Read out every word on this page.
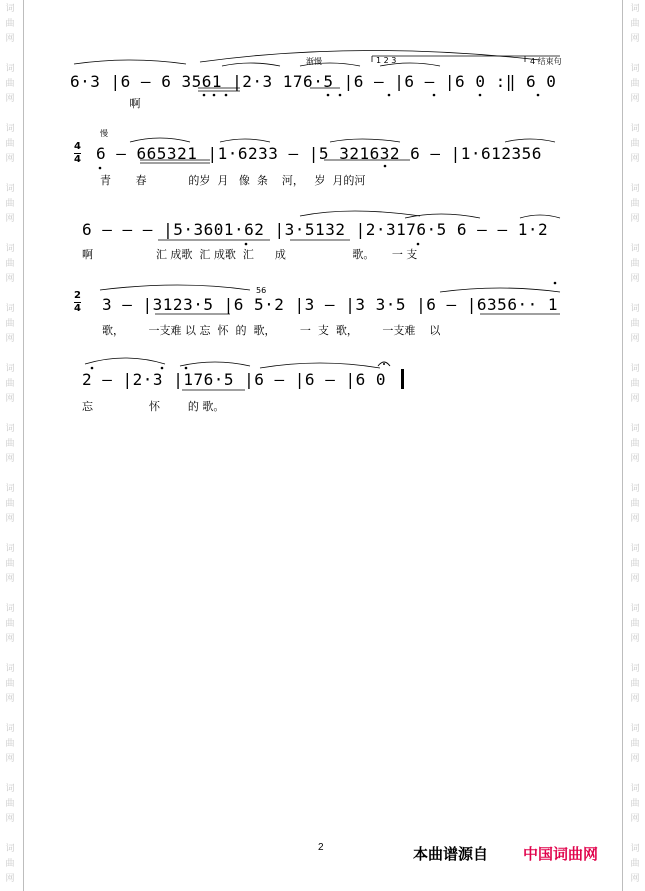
词
曲
网
词
曲
网
词
曲
网
词
曲
网
词
曲
网
词
曲
网
词
曲
网
词
曲
网
词
曲
网
词
曲
网
词
曲
网
词
曲
网
词
曲
网
词
曲
网
词
曲
网
词
曲
网
词
曲
网
词
曲
网
词
曲
网
词
曲
网
词
曲
网
词
曲
网
词
曲
网
词
曲
网
词
曲
网
词
曲
网
词
曲
网
词
曲
网
词
曲
网
词
曲
网
渐慢	1 2 3	4 结束句
6·3 |6 — 6 3561 |2·3 176·5 |6 — |6 — |6 0 :‖ 6 0
啊
4
4
慢
6 — 665321 |1·6233 — |5 321632 6 — |1·612356
青       春            的岁  月   像  条    河，   岁  月的河
6 — — — |5·3601·62 |3·5132 |2·3176·5 6 — — 1·2
啊                  汇 成歌  汇 成歌  汇      成                   歌。     一 支
2
4
56
3 — |3123·5 |6 5·2 |3 — |3 3·5 |6 — |6356·· 1
歌，       一支难 以 忘  怀  的  歌，       一  支  歌，       一支难    以
2 — |2·3 |176·5 |6 — |6 — |6 0
忘                怀        的 歌。
2	本曲谱源自 中国词曲网
